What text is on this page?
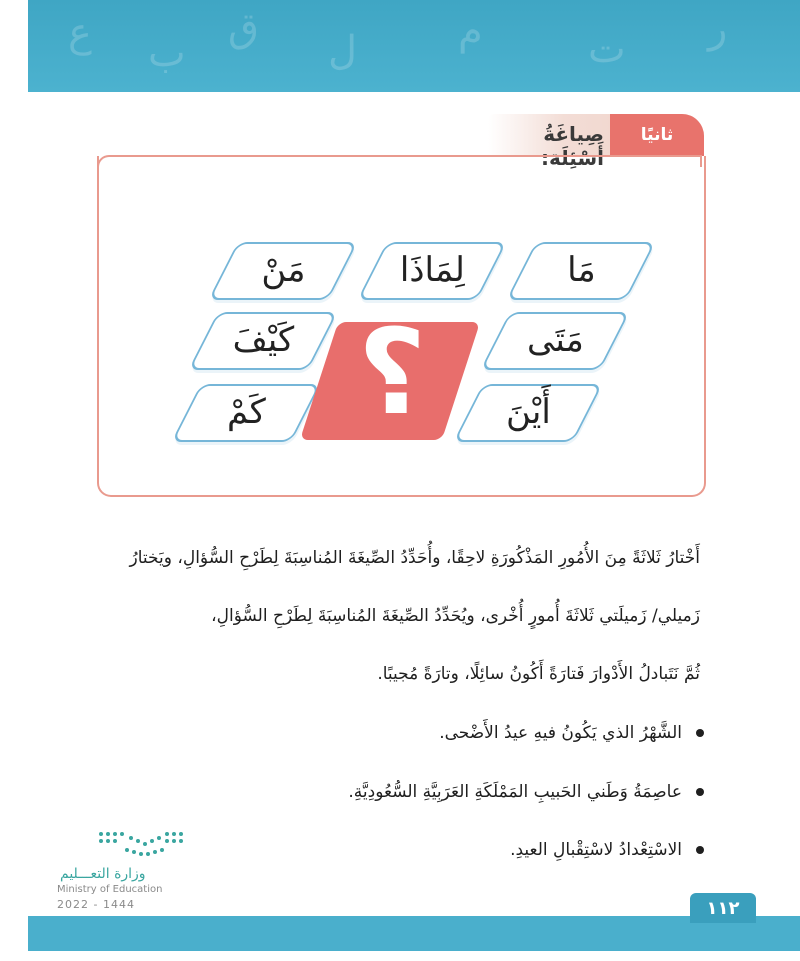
ع ب
ق ل	م	ت ر
صِياغَةُ أَسْئِلَة:
ثانيًا
مَا
لِمَاذَا
مَنْ
مَتَى
كَيْفَ
أَيْنَ
كَمْ ؟
أَخْتارُ ثَلاثَةً مِنَ الأُمُورِ المَذْكُورَةِ لاحِقًا، وأُحَدِّدُ الصِّيغَةَ المُناسِبَةَ لِطَرْحِ السُّؤالِ، ويَختارُ
زَميلي/ زَميلَتي ثَلاثَةَ أُمورٍ أُخْرى، ويُحَدِّدُ الصِّيغَةَ المُناسِبَةَ لِطَرْحِ السُّؤالِ،
ثُمَّ نَتَبادلُ الأَدْوارَ فَتارَةً أَكُونُ سائِلًا، وتارَةً مُجيبًا.
الشَّهْرُ الذي يَكُونُ فيهِ عيدُ الأَضْحى.
عاصِمَةُ وَطَني الحَبيبِ المَمْلَكَةِ العَرَبِيَّةِ السُّعُودِيَّةِ.
الاسْتِعْدادُ لاسْتِقْبالِ العيدِ.
وزارة التعـــليم
Ministry of Education
2022 - 1444	١١٢
